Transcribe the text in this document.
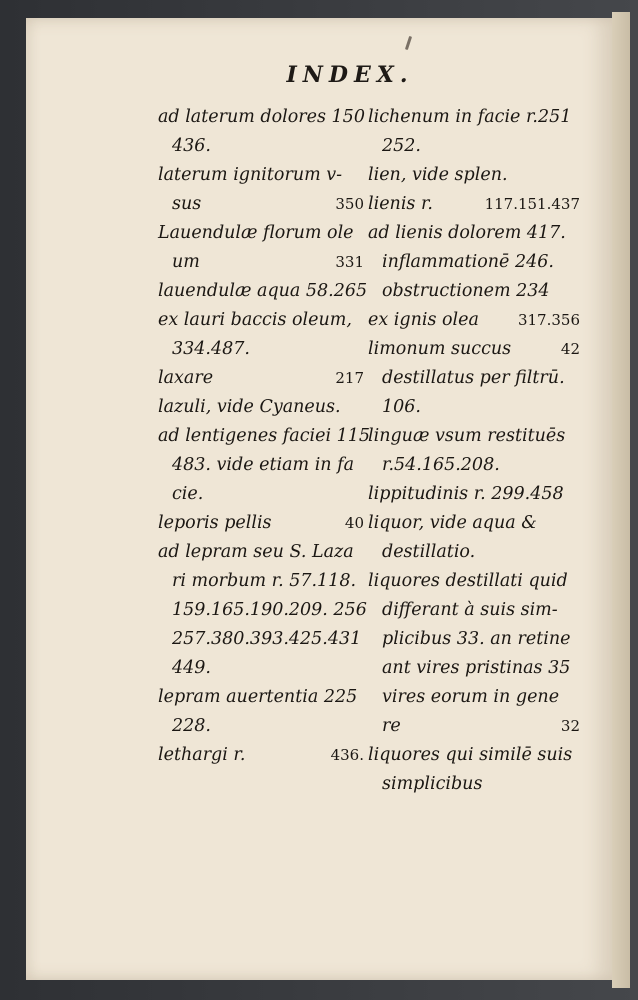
INDEX.
ad laterum dolores 150
436.
laterum ignitorum v-
sus	350
Lauendulæ florum ole
um	331
lauendulæ aqua 58.265
ex lauri baccis oleum,
334.487.
laxare	217
lazuli, vide Cyaneus.
ad lentigenes faciei 115
483. vide etiam in fa
cie.
leporis pellis	40
ad lepram seu S. Laza
ri morbum r. 57.118.
159.165.190.209. 256
257.380.393.425.431
449.
lepram auertentia 225
228.
lethargi r.	436.
lichenum in facie r.251
252.
lien, vide splen.
lienis r.	117.151.437
ad lienis dolorem 417.
inflammationē 246.
obstructionem 234
ex ignis olea	317.356
limonum succus	42
destillatus per filtrū.
106.
linguæ vsum restituēs
r.54.165.208.
lippitudinis r. 299.458
liquor, vide aqua &
destillatio.
liquores destillati quid
differant à suis sim-
plicibus 33. an retine
ant vires pristinas 35
vires eorum in gene
re	32
liquores qui similē suis
simplicibus
